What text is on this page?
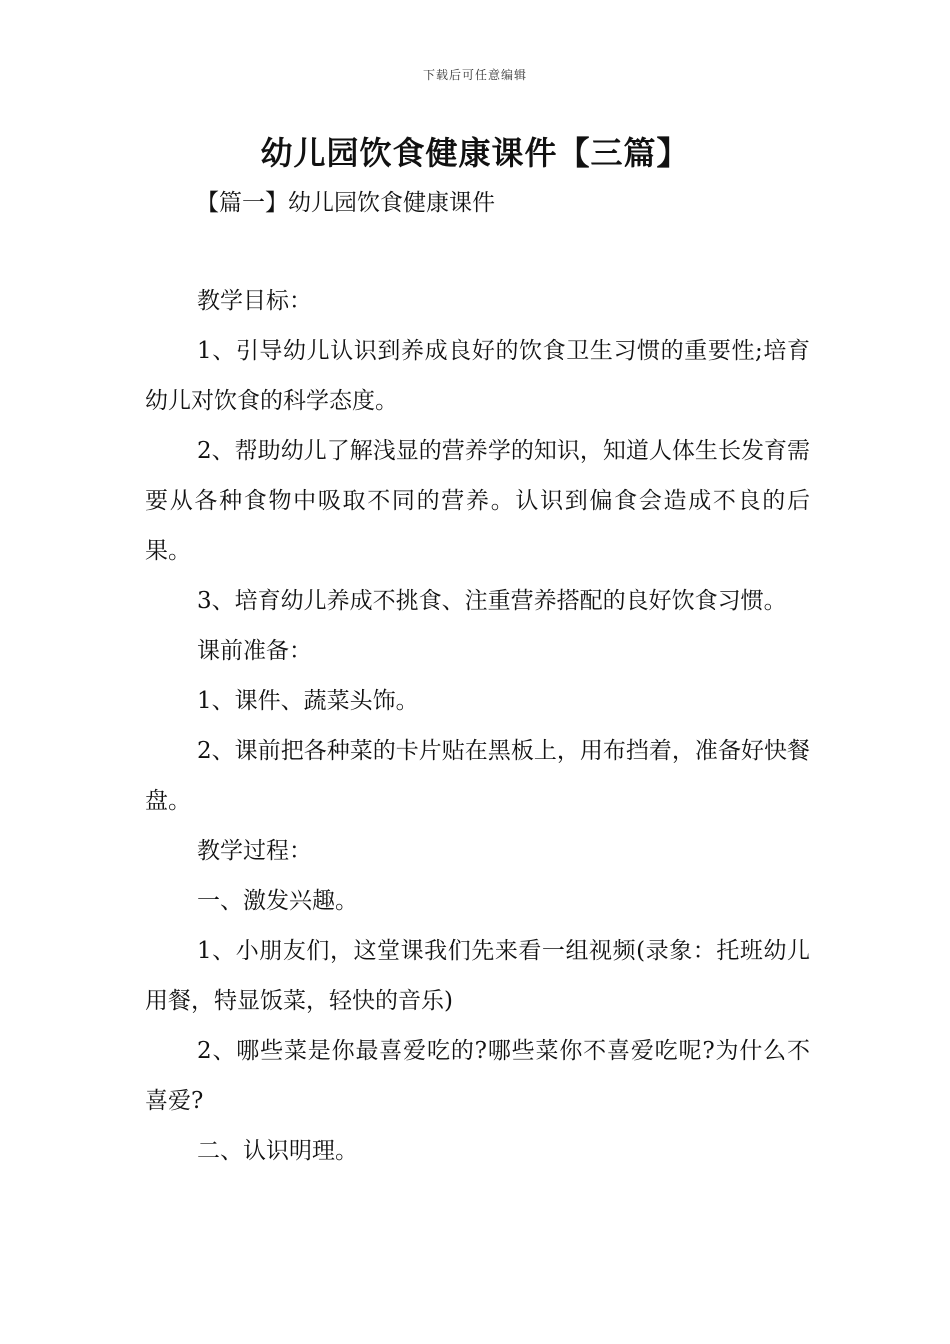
下载后可任意编辑
幼儿园饮食健康课件【三篇】
【篇一】幼儿园饮食健康课件

教学目标：

1、引导幼儿认识到养成良好的饮食卫生习惯的重要性;培育幼儿对饮食的科学态度。

2、帮助幼儿了解浅显的营养学的知识，知道人体生长发育需要从各种食物中吸取不同的营养。认识到偏食会造成不良的后果。

3、培育幼儿养成不挑食、注重营养搭配的良好饮食习惯。

课前准备：

1、课件、蔬菜头饰。

2、课前把各种菜的卡片贴在黑板上，用布挡着，准备好快餐盘。

教学过程：

一、激发兴趣。

1、小朋友们，这堂课我们先来看一组视频(录象：托班幼儿用餐，特显饭菜，轻快的音乐)

2、哪些菜是你最喜爱吃的?哪些菜你不喜爱吃呢?为什么不喜爱?

二、认识明理。
